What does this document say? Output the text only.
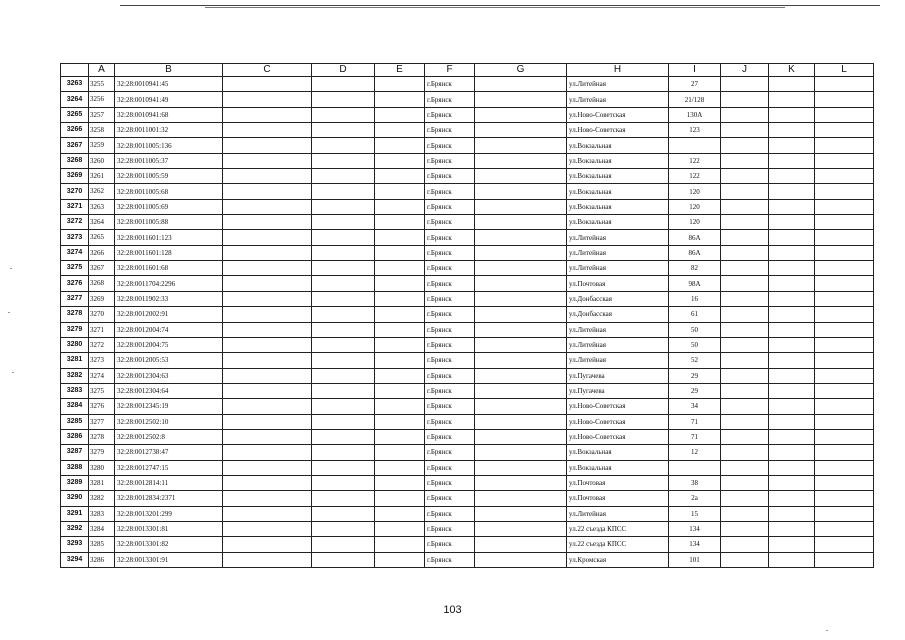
	A	B	C	D	E	F	G	H	I	J	K	L
3263	3255	32:28:0010941:45				г.Брянск		ул.Литейная	27			
3264	3256	32:28:0010941:49				г.Брянск		ул.Литейная	21/128			
3265	3257	32:28:0010941:68				г.Брянск		ул.Ново-Советская	130А			
3266	3258	32:28:0011001:32				г.Брянск		ул.Ново-Советская	123			
3267	3259	32:28:0011005:136				г.Брянск		ул.Вокзальная				
3268	3260	32:28:0011005:37				г.Брянск		ул.Вокзальная	122			
3269	3261	32:28:0011005:59				г.Брянск		ул.Вокзальная	122			
3270	3262	32:28:0011005:68				г.Брянск		ул.Вокзальная	120			
3271	3263	32:28:0011005:69				г.Брянск		ул.Вокзальная	120			
3272	3264	32:28:0011005:88				г.Брянск		ул.Вокзальная	120			
3273	3265	32:28:0011601:123				г.Брянск		ул.Литейная	86А			
3274	3266	32:28:0011601:128				г.Брянск		ул.Литейная	86А			
3275	3267	32:28:0011601:68				г.Брянск		ул.Литейная	82			
3276	3268	32:28:0011704:2296				г.Брянск		ул.Почтовая	98А			
3277	3269	32:28:0011902:33				г.Брянск		ул.Донбасская	16			
3278	3270	32:28:0012002:91				г.Брянск		ул.Донбасская	61			
3279	3271	32:28:0012004:74				г.Брянск		ул.Литейная	50			
3280	3272	32:28:0012004:75				г.Брянск		ул.Литейная	50			
3281	3273	32:28:0012005:53				г.Брянск		ул.Литейная	52			
3282	3274	32:28:0012304:63				г.Брянск		ул.Пугачева	29			
3283	3275	32:28:0012304:64				г.Брянск		ул.Пугачева	29			
3284	3276	32:28:0012345:19				г.Брянск		ул.Ново-Советская	34			
3285	3277	32:28:0012502:10				г.Брянск		ул.Ново-Советская	71			
3286	3278	32:28:0012502:8				г.Брянск		ул.Ново-Советская	71			
3287	3279	32:28:0012738:47				г.Брянск		ул.Вокзальная	12			
3288	3280	32:28:0012747:15				г.Брянск		ул.Вокзальная				
3289	3281	32:28:0012814:11				г.Брянск		ул.Почтовая	38			
3290	3282	32:28:0012834:2371				г.Брянск		ул.Почтовая	2а			
3291	3283	32:28:0013201:299				г.Брянск		ул.Литейная	15			
3292	3284	32:28:0013301:81				г.Брянск		ул.22 съезда КПСС	134			
3293	3285	32:28:0013301:82				г.Брянск		ул.22 съезда КПСС	134			
3294	3286	32:28:0013301:91				г.Брянск		ул.Кромская	101			
103
